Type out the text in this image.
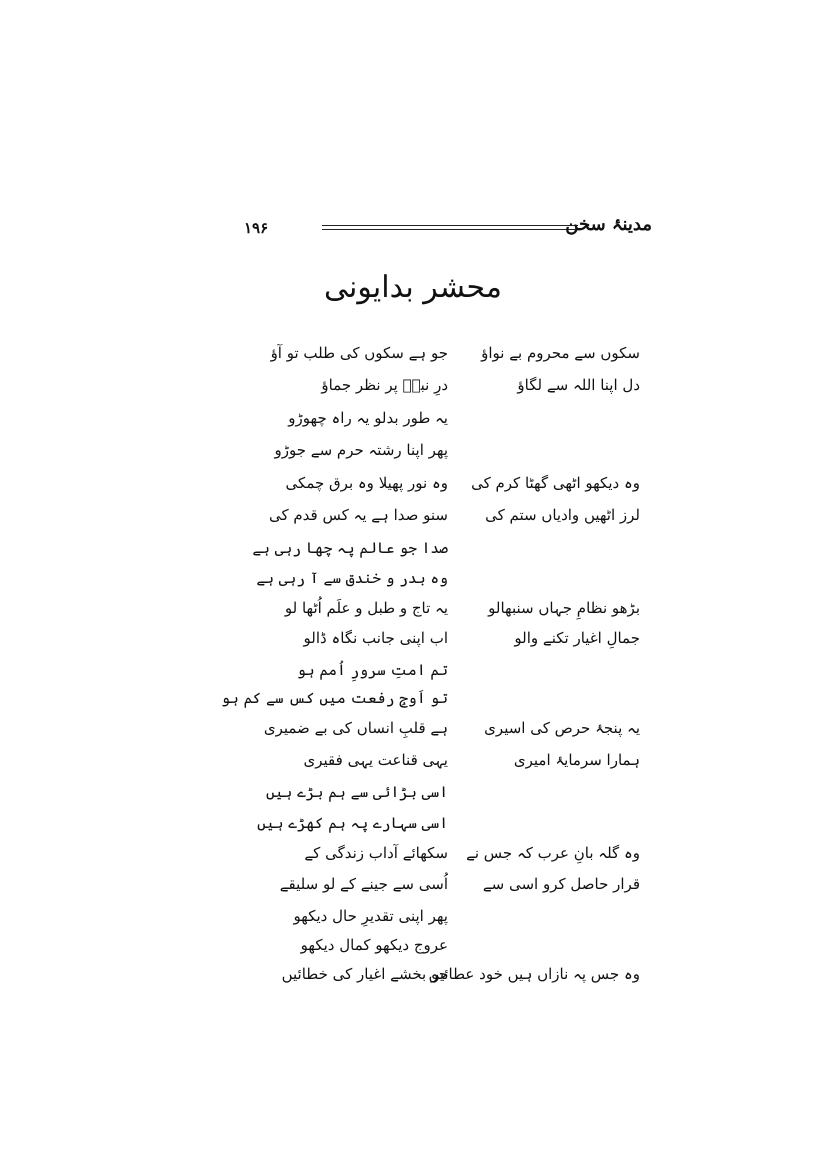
۱۹۶	مدینۂ سخن
محشر بدایونی
سکوں سے محروم بے نواؤ
جو ہے سکوں کی طلب تو آؤ
دل اپنا اللہ سے لگاؤ
درِ نبیؐ پر نظر جماؤ
یہ طور بدلو یہ راہ چھوڑو
پھر اپنا رشتہ حرم سے جوڑو
وہ دیکھو اٹھی گھٹا کرم کی
وہ نور پھیلا وہ برق چمکی
لرز اٹھیں وادیاں ستم کی
سنو صدا ہے یہ کس قدم کی
صدا جو عالم پہ چھا رہی ہے
وہ بدر و خندق سے آ رہی ہے
بڑھو نظامِ جہاں سنبھالو
یہ تاج و طبل و علَم اُٹھا لو
جمالِ اغیار تکنے والو
اب اپنی جانب نگاہ ڈالو
تم امتِ سرورِ اُمم ہو
تو اَوجِ رفعت میں کس سے کم ہو
یہ پنجۂ حرص کی اسیری
ہے قلبِ انساں کی بے ضمیری
ہمارا سرمایۂ امیری
یہی قناعت یہی فقیری
اسی بڑائی سے ہم بڑے ہیں
اسی سہارے پہ ہم کھڑے ہیں
وہ گلہ بانِ عرب کہ جس نے
سکھائے آداب زندگی کے
قرار حاصل کرو اسی سے
اُسی سے جینے کے لو سلیقے
پھر اپنی تقدیرِ حال دیکھو
عروج دیکھو کمال دیکھو
وہ جس پہ نازاں ہیں خود عطائیں
جو بخشے اغیار کی خطائیں
